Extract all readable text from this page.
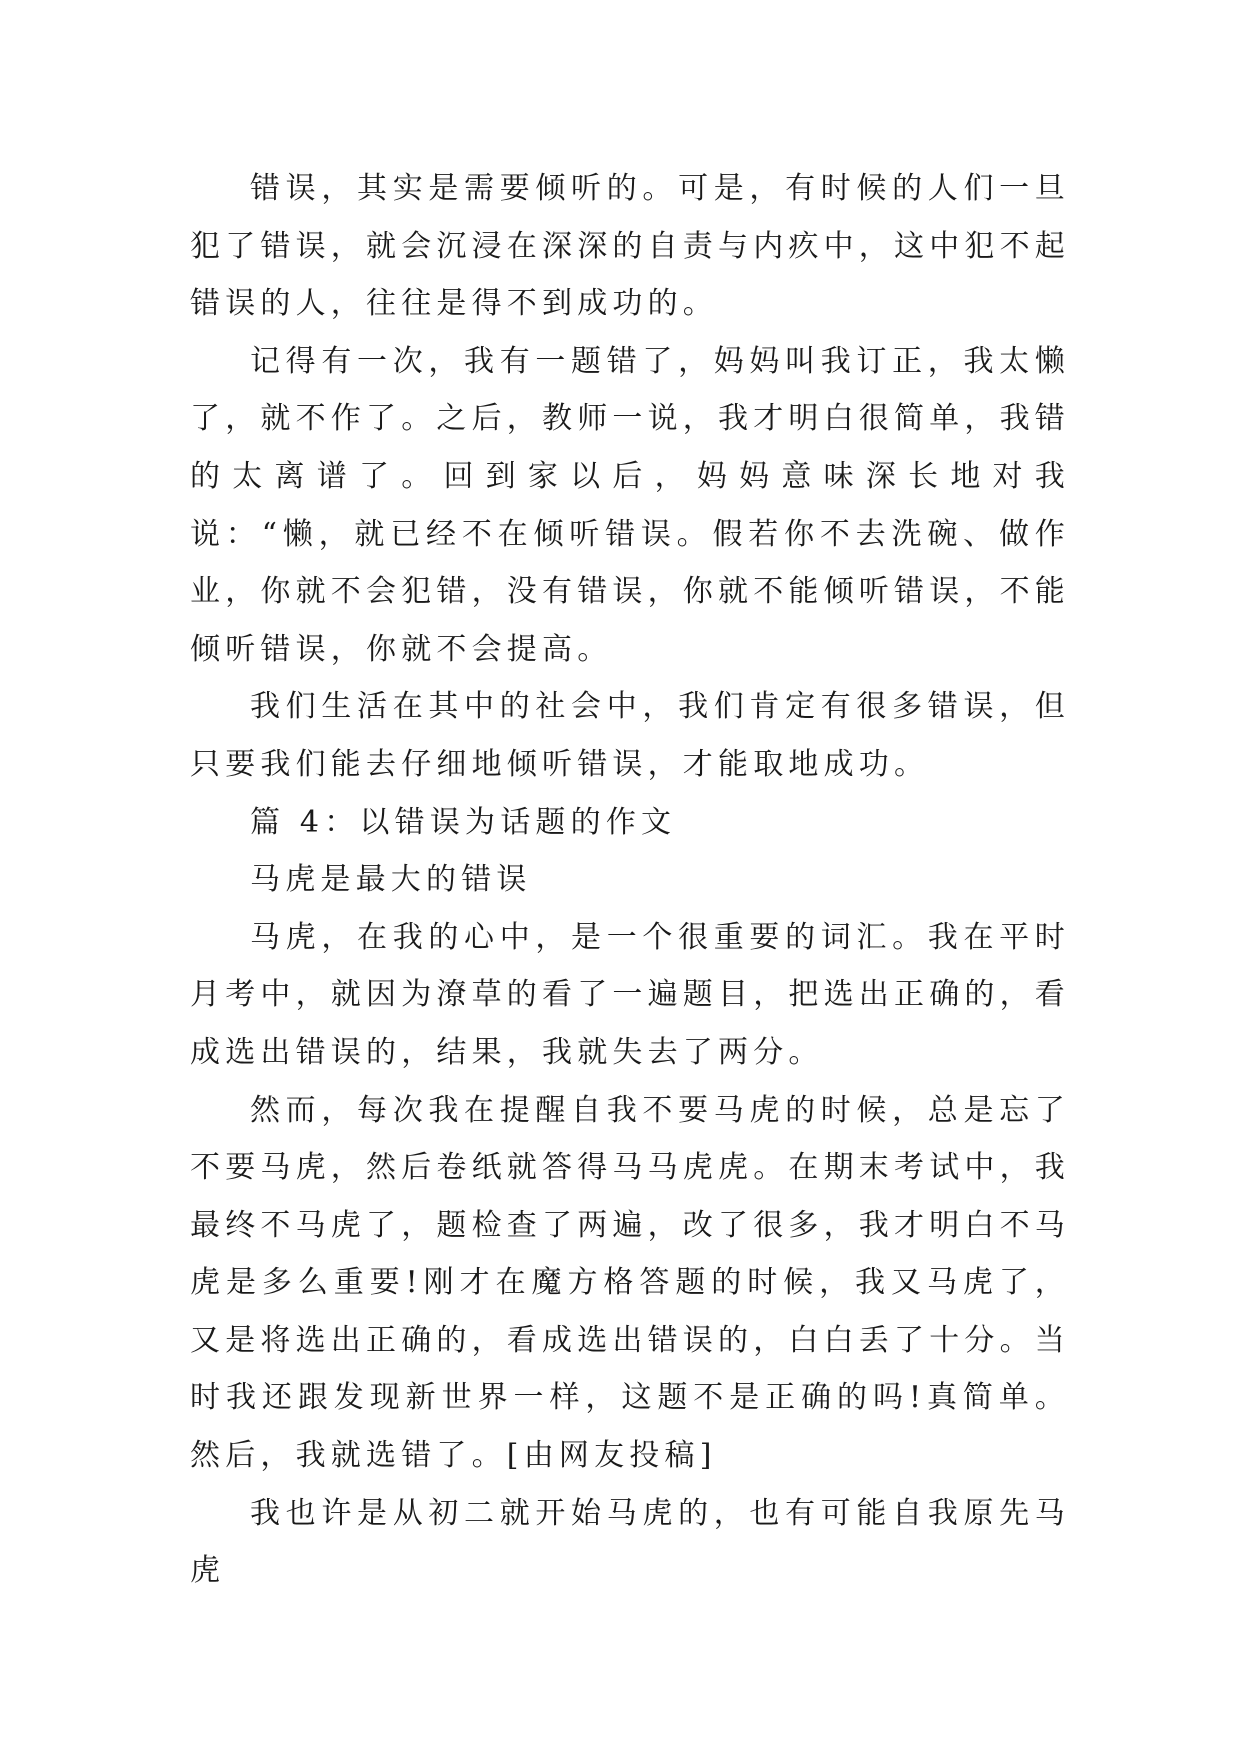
错误，其实是需要倾听的。可是，有时候的人们一旦犯了错误，就会沉浸在深深的自责与内疚中，这中犯不起错误的人，往往是得不到成功的。

记得有一次，我有一题错了，妈妈叫我订正，我太懒了，就不作了。之后，教师一说，我才明白很简单，我错的太离谱了。回到家以后，妈妈意味深长地对我说：“懒，就已经不在倾听错误。假若你不去洗碗、做作业，你就不会犯错，没有错误，你就不能倾听错误，不能倾听错误，你就不会提高。

我们生活在其中的社会中，我们肯定有很多错误，但只要我们能去仔细地倾听错误，才能取地成功。

篇 4：以错误为话题的作文

马虎是最大的错误

马虎，在我的心中，是一个很重要的词汇。我在平时月考中，就因为潦草的看了一遍题目，把选出正确的，看成选出错误的，结果，我就失去了两分。

然而，每次我在提醒自我不要马虎的时候，总是忘了不要马虎，然后卷纸就答得马马虎虎。在期末考试中，我最终不马虎了，题检查了两遍，改了很多，我才明白不马虎是多么重要!刚才在魔方格答题的时候，我又马虎了，又是将选出正确的，看成选出错误的，白白丢了十分。当时我还跟发现新世界一样，这题不是正确的吗!真简单。然后，我就选错了。[由网友投稿]

我也许是从初二就开始马虎的，也有可能自我原先马虎
